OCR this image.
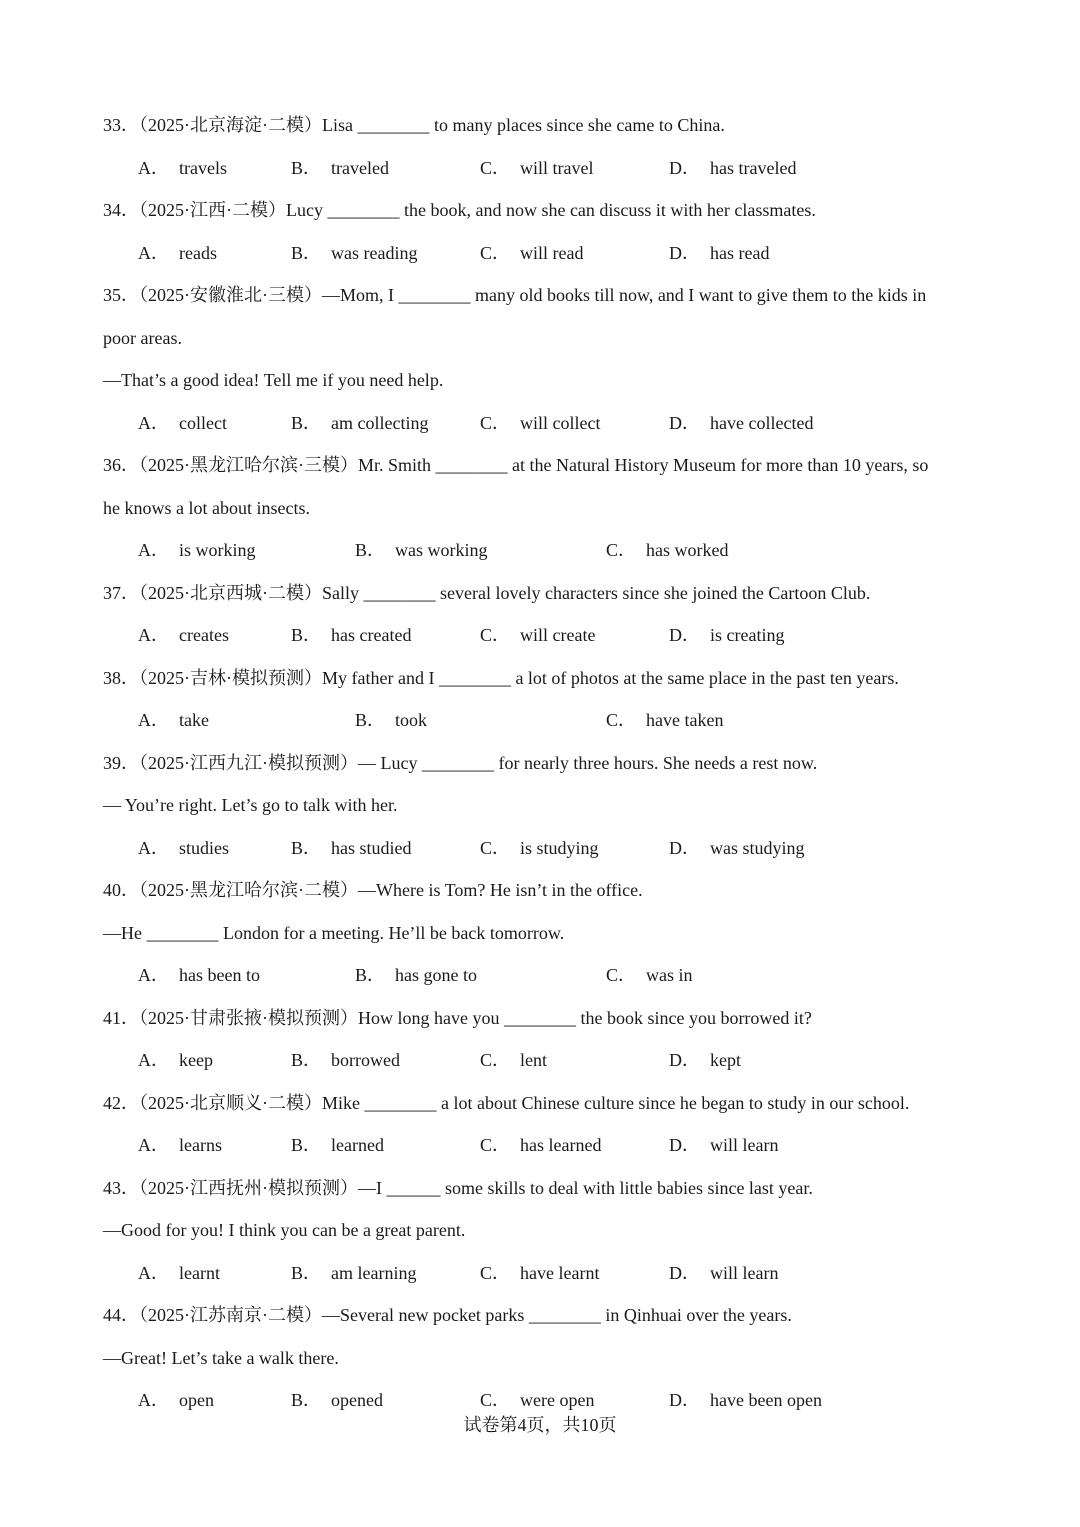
33．（2025·北京海淀·二模）Lisa ________ to many places since she came to China.
A． travels	B． traveled	C． will travel	D． has traveled
34．（2025·江西·二模）Lucy ________ the book, and now she can discuss it with her classmates.
A． reads	B． was reading	C． will read	D． has read
35．（2025·安徽淮北·三模）—Mom, I ________ many old books till now, and I want to give them to the kids in
poor areas.
—That’s a good idea! Tell me if you need help.
A． collect	B． am collecting	C． will collect	D． have collected
36．（2025·黑龙江哈尔滨·三模）Mr. Smith ________ at the Natural History Museum for more than 10 years, so
he knows a lot about insects.
A． is working	B． was working	C． has worked
37．（2025·北京西城·二模）Sally ________ several lovely characters since she joined the Cartoon Club.
A． creates	B． has created	C． will create	D． is creating
38．（2025·吉林·模拟预测）My father and I ________ a lot of photos at the same place in the past ten years.
A． take	B． took	C． have taken
39．（2025·江西九江·模拟预测）— Lucy ________ for nearly three hours. She needs a rest now.
— You’re right. Let’s go to talk with her.
A． studies	B． has studied	C． is studying	D． was studying
40．（2025·黑龙江哈尔滨·二模）—Where is Tom? He isn’t in the office.
—He ________ London for a meeting. He’ll be back tomorrow.
A． has been to	B． has gone to	C． was in
41．（2025·甘肃张掖·模拟预测）How long have you ________ the book since you borrowed it?
A． keep	B． borrowed	C． lent	D． kept
42．（2025·北京顺义·二模）Mike ________ a lot about Chinese culture since he began to study in our school.
A． learns	B． learned	C． has learned	D． will learn
43．（2025·江西抚州·模拟预测）—I ______ some skills to deal with little babies since last year.
—Good for you! I think you can be a great parent.
A． learnt	B． am learning	C． have learnt	D． will learn
44．（2025·江苏南京·二模）—Several new pocket parks ________ in Qinhuai over the years.
—Great! Let’s take a walk there.
A． open	B． opened	C． were open	D． have been open
试卷第4页，共10页
